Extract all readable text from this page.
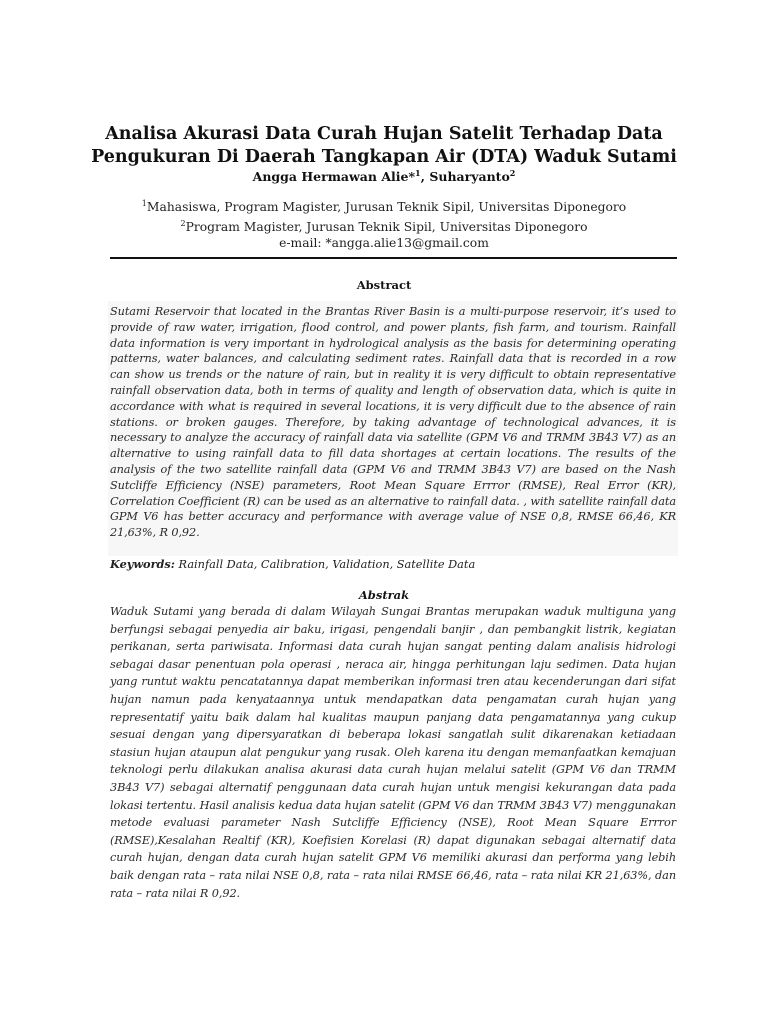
Analisa Akurasi Data Curah Hujan Satelit Terhadap Data Pengukuran Di Daerah Tangkapan Air (DTA) Waduk Sutami
Angga Hermawan Alie*$^1$, Suharyanto$^2$
$^1$Mahasiswa, Program Magister, Jurusan Teknik Sipil, Universitas Diponegoro
$^2$Program Magister, Jurusan Teknik Sipil, Universitas Diponegoro
e-mail: *angga.alie13@gmail.com
Abstract
Sutami Reservoir that located in the Brantas River Basin is a multi-purpose reservoir, it’s used to provide of raw water, irrigation, flood control, and power plants, fish farm, and tourism. Rainfall data information is very important in hydrological analysis as the basis for determining operating patterns, water balances, and calculating sediment rates. Rainfall data that is recorded in a row can show us trends or the nature of rain, but in reality it is very difficult to obtain representative rainfall observation data, both in terms of quality and length of observation data, which is quite in accordance with what is required in several locations, it is very difficult due to the absence of rain stations. or broken gauges. Therefore, by taking advantage of technological advances, it is necessary to analyze the accuracy of rainfall data via satellite (GPM V6 and TRMM 3B43 V7) as an alternative to using rainfall data to fill data shortages at certain locations. The results of the analysis of the two satellite rainfall data (GPM V6 and TRMM 3B43 V7) are based on the Nash Sutcliffe Efficiency (NSE) parameters, Root Mean Square Errror (RMSE), Real Error (KR), Correlation Coefficient (R) can be used as an alternative to rainfall data. , with satellite rainfall data GPM V6 has better accuracy and performance with average value of NSE 0,8, RMSE 66,46, KR 21,63%, R 0,92.
Keywords: Rainfall Data, Calibration, Validation, Satellite Data
Abstrak
Waduk Sutami yang berada di dalam Wilayah Sungai Brantas merupakan waduk multiguna yang berfungsi sebagai penyedia air baku, irigasi, pengendali banjir , dan pembangkit listrik, kegiatan perikanan, serta pariwisata. Informasi data curah hujan sangat penting dalam analisis hidrologi sebagai dasar penentuan pola operasi , neraca air, hingga perhitungan laju sedimen. Data hujan yang runtut waktu pencatatannya dapat memberikan informasi tren atau kecenderungan dari sifat hujan namun pada kenyataannya untuk mendapatkan data pengamatan curah hujan yang representatif yaitu baik dalam hal kualitas maupun panjang data pengamatannya yang cukup sesuai dengan yang dipersyaratkan di beberapa lokasi sangatlah sulit dikarenakan ketiadaan stasiun hujan ataupun alat pengukur yang rusak. Oleh karena itu dengan memanfaatkan kemajuan teknologi perlu dilakukan analisa akurasi data curah hujan melalui satelit (GPM V6 dan TRMM 3B43 V7) sebagai alternatif penggunaan data curah hujan untuk mengisi kekurangan data pada lokasi tertentu. Hasil analisis kedua data hujan satelit (GPM V6 dan TRMM 3B43 V7) menggunakan metode evaluasi parameter Nash Sutcliffe Efficiency (NSE), Root Mean Square Errror (RMSE),Kesalahan Realtif (KR), Koefisien Korelasi (R) dapat digunakan sebagai alternatif data curah hujan, dengan data curah hujan satelit GPM V6 memiliki akurasi dan performa yang lebih baik dengan rata – rata nilai NSE 0,8, rata – rata nilai RMSE 66,46, rata – rata nilai KR 21,63%, dan rata – rata nilai R 0,92.
